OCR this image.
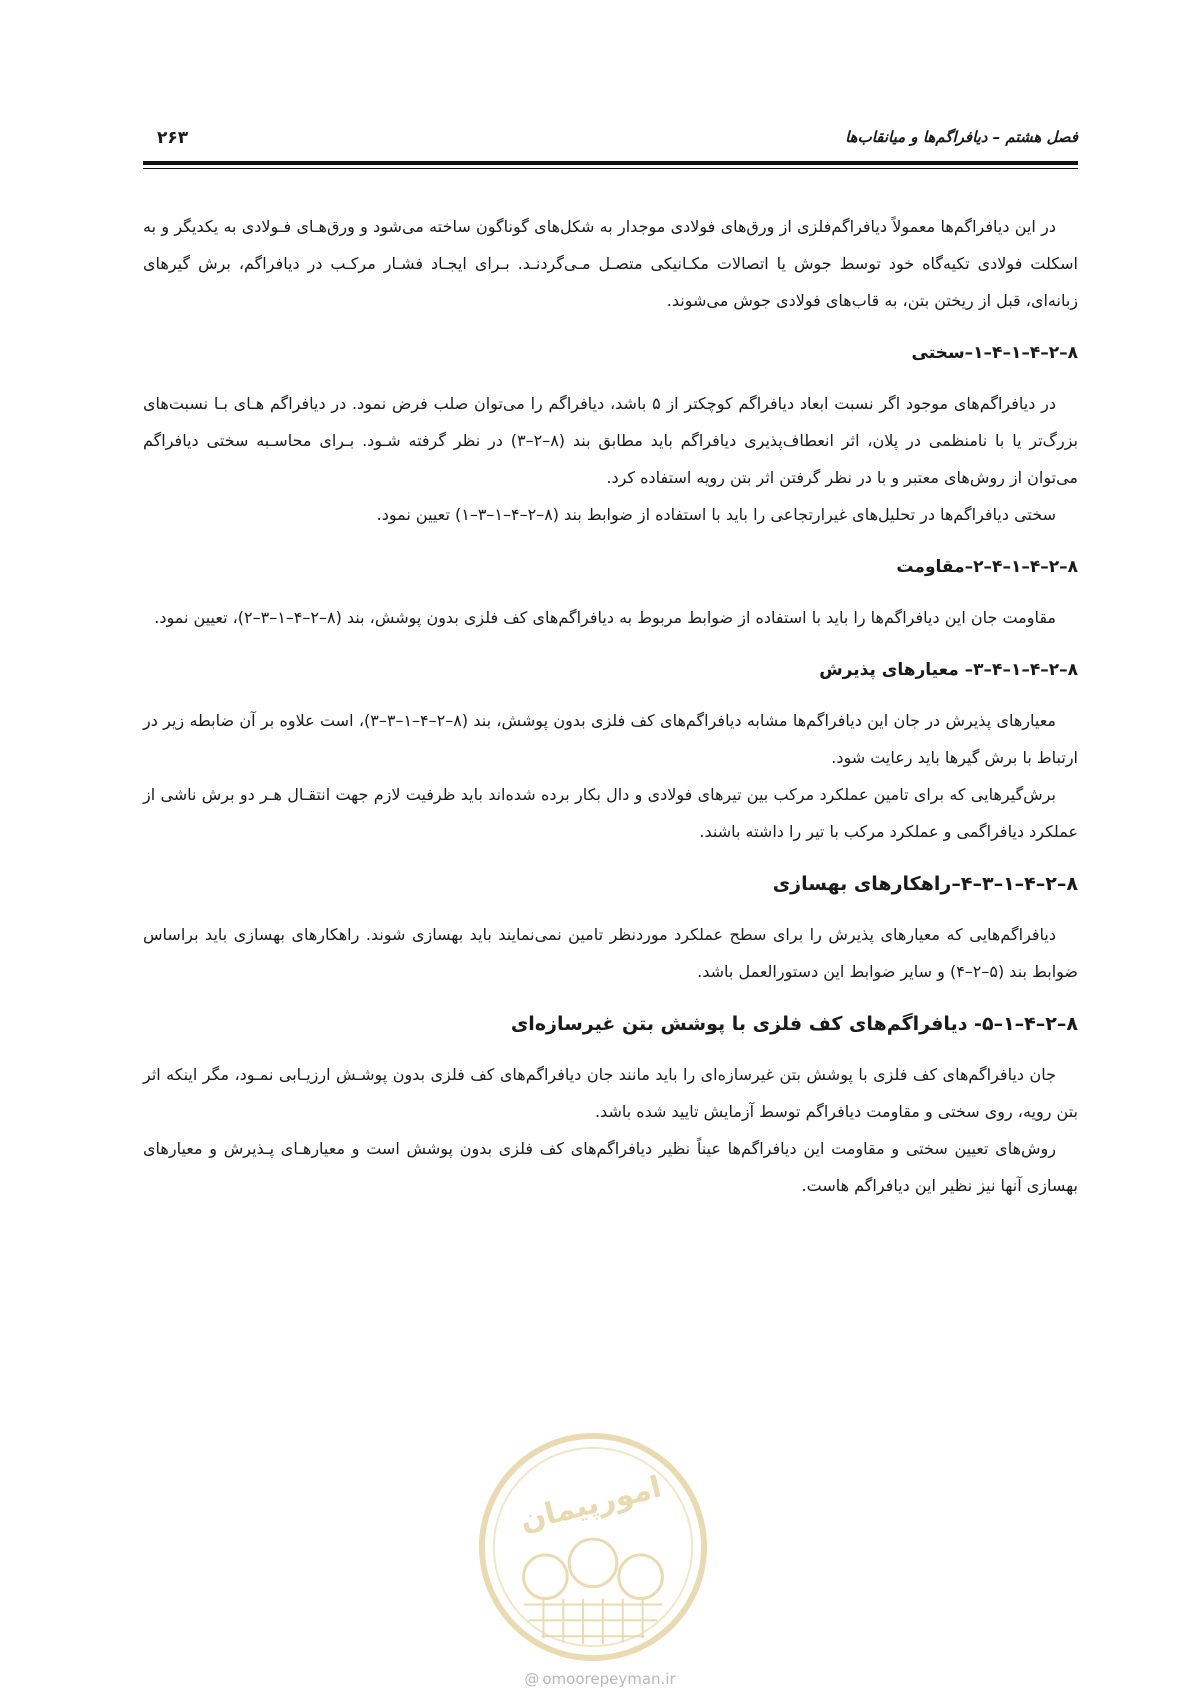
فصل هشتم – دیافراگم‌ها و میانقاب‌ها
۲۶۳

در این دیافراگم‌ها معمولاً دیافراگم‌فلزی از ورق‌های فولادی موجدار به شکل‌های گوناگون ساخته می‌شود و ورق‌هـای فـولادی به یکدیگر و به اسکلت فولادی تکیه‌گاه خود توسط جوش یا اتصالات مکـانیکی متصـل مـی‌گردنـد. بـرای ایجـاد فشـار مرکـب در دیافراگم، برش گیرهای زبانه‌ای، قبل از ریختن بتن، به قاب‌های فولادی جوش می‌شوند.

۸–۲–۴–۱–۴–۱–سختی

در دیافراگم‌های موجود اگر نسبت ابعاد دیافراگم کوچکتر از ۵ باشد، دیافراگم را می‌توان صلب فرض نمود. در دیافراگم هـای بـا نسبت‌های بزرگ‌تر یا با نامنظمی در پلان، اثر انعطاف‌پذیری دیافراگم باید مطابق بند (۸–۲–۳) در نظر گرفته شـود. بـرای محاسـبه سختی دیافراگم می‌توان از روش‌های معتبر و با در نظر گرفتن اثر بتن رویه استفاده کرد.

سختی دیافراگم‌ها در تحلیل‌های غیرارتجاعی را باید با استفاده از ضوابط بند (۸–۲–۴–۱–۳–۱) تعیین نمود.

۸–۲–۴–۱–۴–۲–مقاومت

مقاومت جان این دیافراگم‌ها را باید با استفاده از ضوابط مربوط به دیافراگم‌های کف فلزی بدون پوشش، بند (۸–۲–۴–۱–۳–۲)، تعیین نمود.

۸–۲–۴–۱–۴–۳– معیارهای پذیرش

معیارهای پذیرش در جان این دیافراگم‌ها مشابه دیافراگم‌های کف فلزی بدون پوشش، بند (۸–۲–۴–۱–۳–۳)، است علاوه بر آن ضابطه زیر در ارتباط با برش گیرها باید رعایت شود.

برش‌گیرهایی که برای تامین عملکرد مرکب بین تیرهای فولادی و دال بکار برده شده‌اند باید ظرفیت لازم جهت انتقـال هـر دو برش ناشی از عملکرد دیافراگمی و عملکرد مرکب با تیر را داشته باشند.

۸–۲–۴–۱–۳–۴–راهکارهای بهسازی

دیافراگم‌هایی که معیارهای پذیرش را برای سطح عملکرد موردنظر تامین نمی‌نمایند باید بهسازی شوند. راهکارهای بهسازی باید براساس ضوابط بند (۵–۲–۴) و سایر ضوابط این دستورالعمل باشد.

۸–۲–۴–۱–۵- دیافراگم‌های کف فلزی با پوشش بتن غیرسازه‌ای

جان دیافراگم‌های کف فلزی با پوشش بتن غیرسازه‌ای را باید مانند جان دیافراگم‌های کف فلزی بدون پوشـش ارزیـابی نمـود، مگر اینکه اثر بتن رویه، روی سختی و مقاومت دیافراگم توسط آزمایش تایید شده باشد.

روش‌های تعیین سختی و مقاومت این دیافراگم‌ها عیناً نظیر دیافراگم‌های کف فلزی بدون پوشش است و معیارهـای پـذیرش و معیارهای بهسازی آنها نیز نظیر این دیافراگم هاست.

امورپیمان
@ omoorepeyman.ir
